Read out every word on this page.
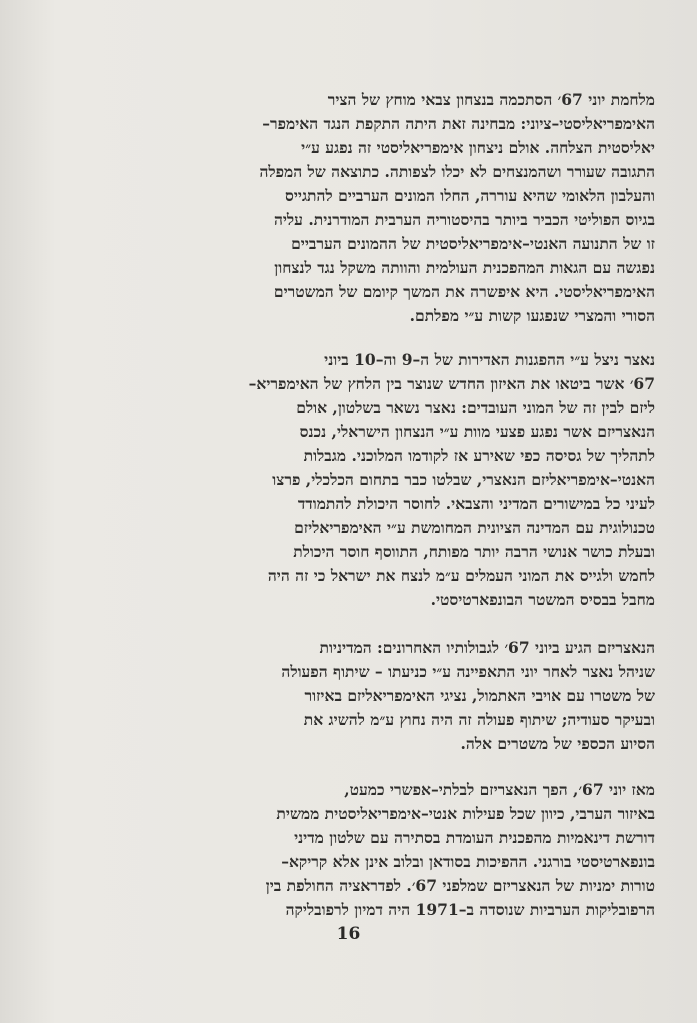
מלחמת יוני 67׳ הסתכמה בנצחון צבאי מוחץ של הציר
האימפריאליסטי–ציוני: מבחינה זאת היתה התקפת הנגד האימפר–
יאליסטית הצלחה. אולם ניצחון אימפריאליסטי זה נפגע ע״י
התגובה שעורר ושהמנצחים לא יכלו לצפותה. כתוצאה של המפלה
והעלבון הלאומי שהיא עוררה, החלו המונים הערביים להתגייס
בגיוס הפוליטי הכביר ביותר בהיסטוריה הערבית המודרנית. עליה
זו של התנועה האנטי–אימפריאליסטית של ההמונים הערביים
נפגשה עם הגאות המהפכנית העולמית והוותה משקל נגד לנצחון
האימפריאליסטי. היא איפשרה את המשך קיומם של המשטרים
הסורי והמצרי שנפגעו קשות ע״י מפלתם.
נאצר ניצל ע״י ההפגנות האדירות של ה–9 וה–10 ביוני
67׳ אשר ביטאו את האיזון החדש שנוצר בין הלחץ של האימפריא–
ליזם לבין זה של המוני העובדים: נאצר נשאר בשלטון, אולם
הנאצריזם אשר נפגע פצעי מוות ע״י הנצחון הישראלי, נכנס
לתהליך של גסיסה כפי שאירע אז לקודמו המלוכני. מגבלות
האנטי–אימפריאליזם הנאצרי, שבלטו כבר בתחום הכלכלי, פרצו
לעיני כל במישורים המדיני והצבאי. לחוסר היכולת להתמודד
טכנולוגית עם המדינה הציונית המחומשת ע״י האימפריאליזם
ובעלת כושר אנושי הרבה יותר מפותח, התווסף חוסר היכולת
לחמש ולגייס את המוני העמלים ע״מ לנצח את ישראל כי זה היה
מחבל בבסיס המשטר הבונפארטיסטי.
הנאצריזם הגיע ביוני 67׳ לגבולותיו האחרונים: המדיניות
שניהל נאצר לאחר יוני התאפיינה ע״י כניעתו – שיתוף הפעולה
של משטרו עם אויבי האתמול, נציגי האימפריאליזם באיזור
ובעיקר סעודיה; שיתוף פעולה זה היה נחוץ ע״מ להשיג את
הסיוע הכספי של משטרים אלה.
מאז יוני 67׳, הפך הנאצריזם לבלתי–אפשרי כמעט,
באיזור הערבי, כיוון שכל פעילות אנטי–אימפריאליסטית ממשית
דורשת דינאמיות מהפכנית העומדת בסתירה עם שלטון מדיני
בונפארטיסטי בורגני. ההפיכות בסודאן ובלוב אינן אלא קריקא–
טורות ימניות של הנאצריזם שמלפני 67׳. לפדראציה החולפת בין
הרפובליקות הערביות שנוסדה ב–1971 היה דמיון לרפובליקה
16
